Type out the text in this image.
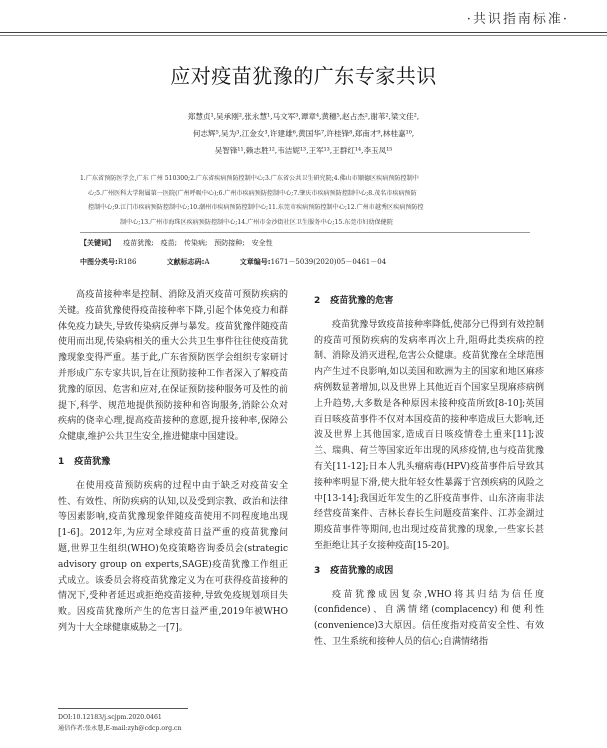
·共识指南标准·
应对疫苗犹豫的广东专家共识
郑慧贞¹,吴承刚²,张永慧¹,马文军³,谭章⁴,黄穗⁵,赵占杰²,谢苇²,梁文佳²,
何志辉⁵,吴为³,江金女³,许建雄⁶,黄国华⁷,许桂锋⁸,郑南才⁹,林桂嘉¹⁰,
吴智锋¹¹,赖志胜¹²,韦洁妮¹³,王军¹³,王群红¹⁴,李玉凤¹⁵
1.广东省预防医学会,广东 广州 510300;2.广东省疾病预防控制中心;3.广东省公共卫生研究院;4.佛山市顺德区疾病预防控制中
心;5.广州医科大学附属第一医院(广州呼吸中心);6.广州市疾病预防控制中心;7.肇庆市疾病预防控制中心;8.茂名市疾病预防
控制中心;9.江门市疾病预防控制中心;10.潮州市疾病预防控制中心;11.东莞市疾病预防控制中心;12.广州市越秀区疾病预防控
制中心;13.广州市海珠区疾病预防控制中心;14.广州市金沙街社区卫生服务中心;15.东莞市妇幼保健院
【关键词】 疫苗犹豫;　疫苗;　传染病;　预防接种;　安全性
中图分类号:R186	文献标志码:A	文章编号:1671－5039(2020)05－0461－04

高疫苗接种率是控制、消除及消灭疫苗可预防疾病的关键。疫苗犹豫使得疫苗接种率下降,引起个体免疫力和群体免疫力缺失,导致传染病反弹与暴发。疫苗犹豫伴随疫苗使用而出现,传染病相关的重大公共卫生事件往往使疫苗犹豫现象变得严重。基于此,广东省预防医学会组织专家研讨并形成广东专家共识,旨在让预防接种工作者深入了解疫苗犹豫的原因、危害和应对,在保证预防接种服务可及性的前提下,科学、规范地提供预防接种和咨询服务,消除公众对疾病的侥幸心理,提高疫苗接种的意愿,提升接种率,保障公众健康,维护公共卫生安全,推进健康中国建设。

1 疫苗犹豫

在使用疫苗预防疾病的过程中由于缺乏对疫苗安全性、有效性、所防疾病的认知,以及受到宗教、政治和法律等因素影响,疫苗犹豫现象伴随疫苗使用不同程度地出现[1-6]。2012年,为应对全球疫苗日益严重的疫苗犹豫问题,世界卫生组织(WHO)免疫策略咨询委员会(strategic advisory group on experts,SAGE)疫苗犹豫工作组正式成立。该委员会将疫苗犹豫定义为在可获得疫苗接种的情况下,受种者延迟或拒绝疫苗接种,导致免疫规划项目失败。因疫苗犹豫所产生的危害日益严重,2019年被WHO列为十大全球健康威胁之一[7]。

2 疫苗犹豫的危害

疫苗犹豫导致疫苗接种率降低,使部分已得到有效控制的疫苗可预防疾病的发病率再次上升,阻碍此类疾病的控制、消除及消灭进程,危害公众健康。疫苗犹豫在全球范围内产生过不良影响,如以美国和欧洲为主的国家和地区麻疹病例数显著增加,以及世界上其他近百个国家呈现麻疹病例上升趋势,大多数是各种原因未接种疫苗所致[8-10];英国百日咳疫苗事件不仅对本国疫苗的接种率造成巨大影响,还波及世界上其他国家,造成百日咳疫情卷土重来[11];波兰、瑞典、荷兰等国家近年出现的风疹疫情,也与疫苗犹豫有关[11-12];日本人乳头瘤病毒(HPV)疫苗事件后导致其接种率明显下滑,使大批年轻女性暴露于宫颈疾病的风险之中[13-14];我国近年发生的乙肝疫苗事件、山东济南非法经营疫苗案件、吉林长春长生问题疫苗案件、江苏金湖过期疫苗事件等期间,也出现过疫苗犹豫的现象,一些家长甚至拒绝让其子女接种疫苗[15-20]。

3 疫苗犹豫的成因

疫苗犹豫成因复杂,WHO将其归结为信任度(confidence)、自满情绪(complacency)和便利性(convenience)3大原因。信任度指对疫苗安全性、有效性、卫生系统和接种人员的信心;自满情绪指

DOI:10.12183/j.scjpm.2020.0461
通信作者:张永慧,E-mail:zyh@cdcp.org.cn
